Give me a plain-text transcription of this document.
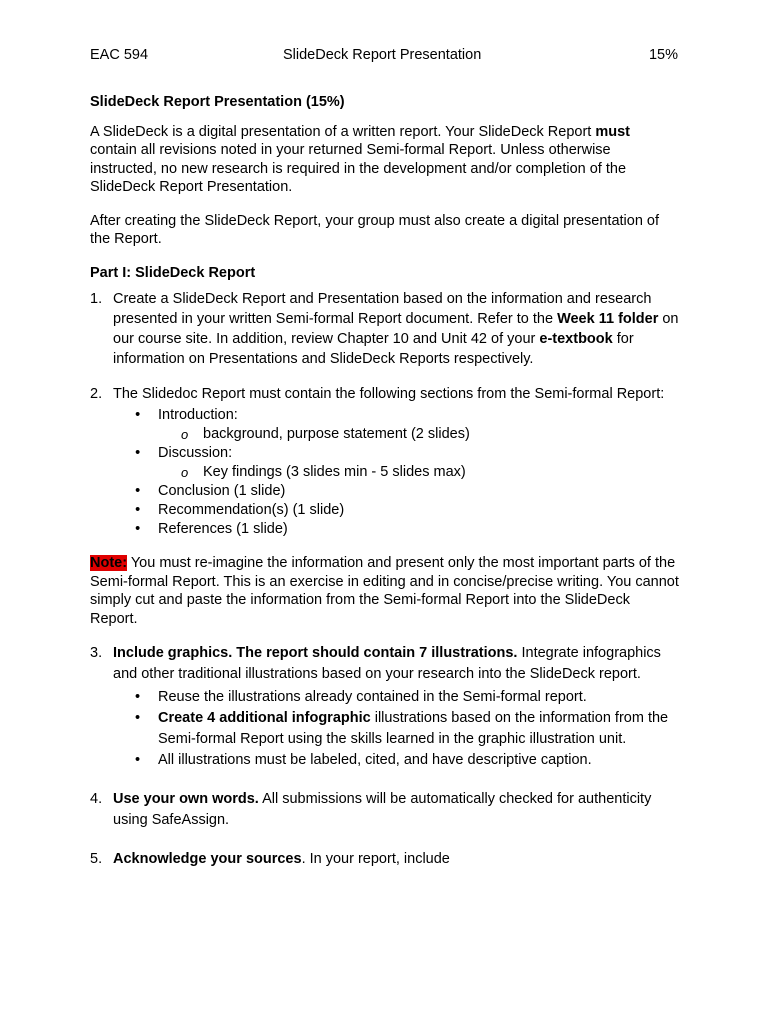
EAC 594	SlideDeck Report Presentation	15%
SlideDeck Report Presentation (15%)

A SlideDeck is a digital presentation of a written report. Your SlideDeck Report must contain all revisions noted in your returned Semi-formal Report. Unless otherwise instructed, no new research is required in the development and/or completion of the SlideDeck Report Presentation.

After creating the SlideDeck Report, your group must also create a digital presentation of the Report.

Part I: SlideDeck Report
1. Create a SlideDeck Report and Presentation based on the information and research presented in your written Semi-formal Report document. Refer to the Week 11 folder on our course site. In addition, review Chapter 10 and Unit 42 of your e-textbook for information on Presentations and SlideDeck Reports respectively.
2. The Slidedoc Report must contain the following sections from the Semi-formal Report:
• Introduction:
o background, purpose statement (2 slides)
• Discussion:
o Key findings (3 slides min - 5 slides max)
• Conclusion (1 slide)
• Recommendation(s) (1 slide)
• References (1 slide)

Note: You must re-imagine the information and present only the most important parts of the Semi-formal Report. This is an exercise in editing and in concise/precise writing. You cannot simply cut and paste the information from the Semi-formal Report into the SlideDeck Report.

3. Include graphics. The report should contain 7 illustrations. Integrate infographics and other traditional illustrations based on your research into the SlideDeck report.
• Reuse the illustrations already contained in the Semi-formal report.
• Create 4 additional infographic illustrations based on the information from the Semi-formal Report using the skills learned in the graphic illustration unit.
• All illustrations must be labeled, cited, and have descriptive caption.
4. Use your own words. All submissions will be automatically checked for authenticity using SafeAssign.
5. Acknowledge your sources. In your report, include
